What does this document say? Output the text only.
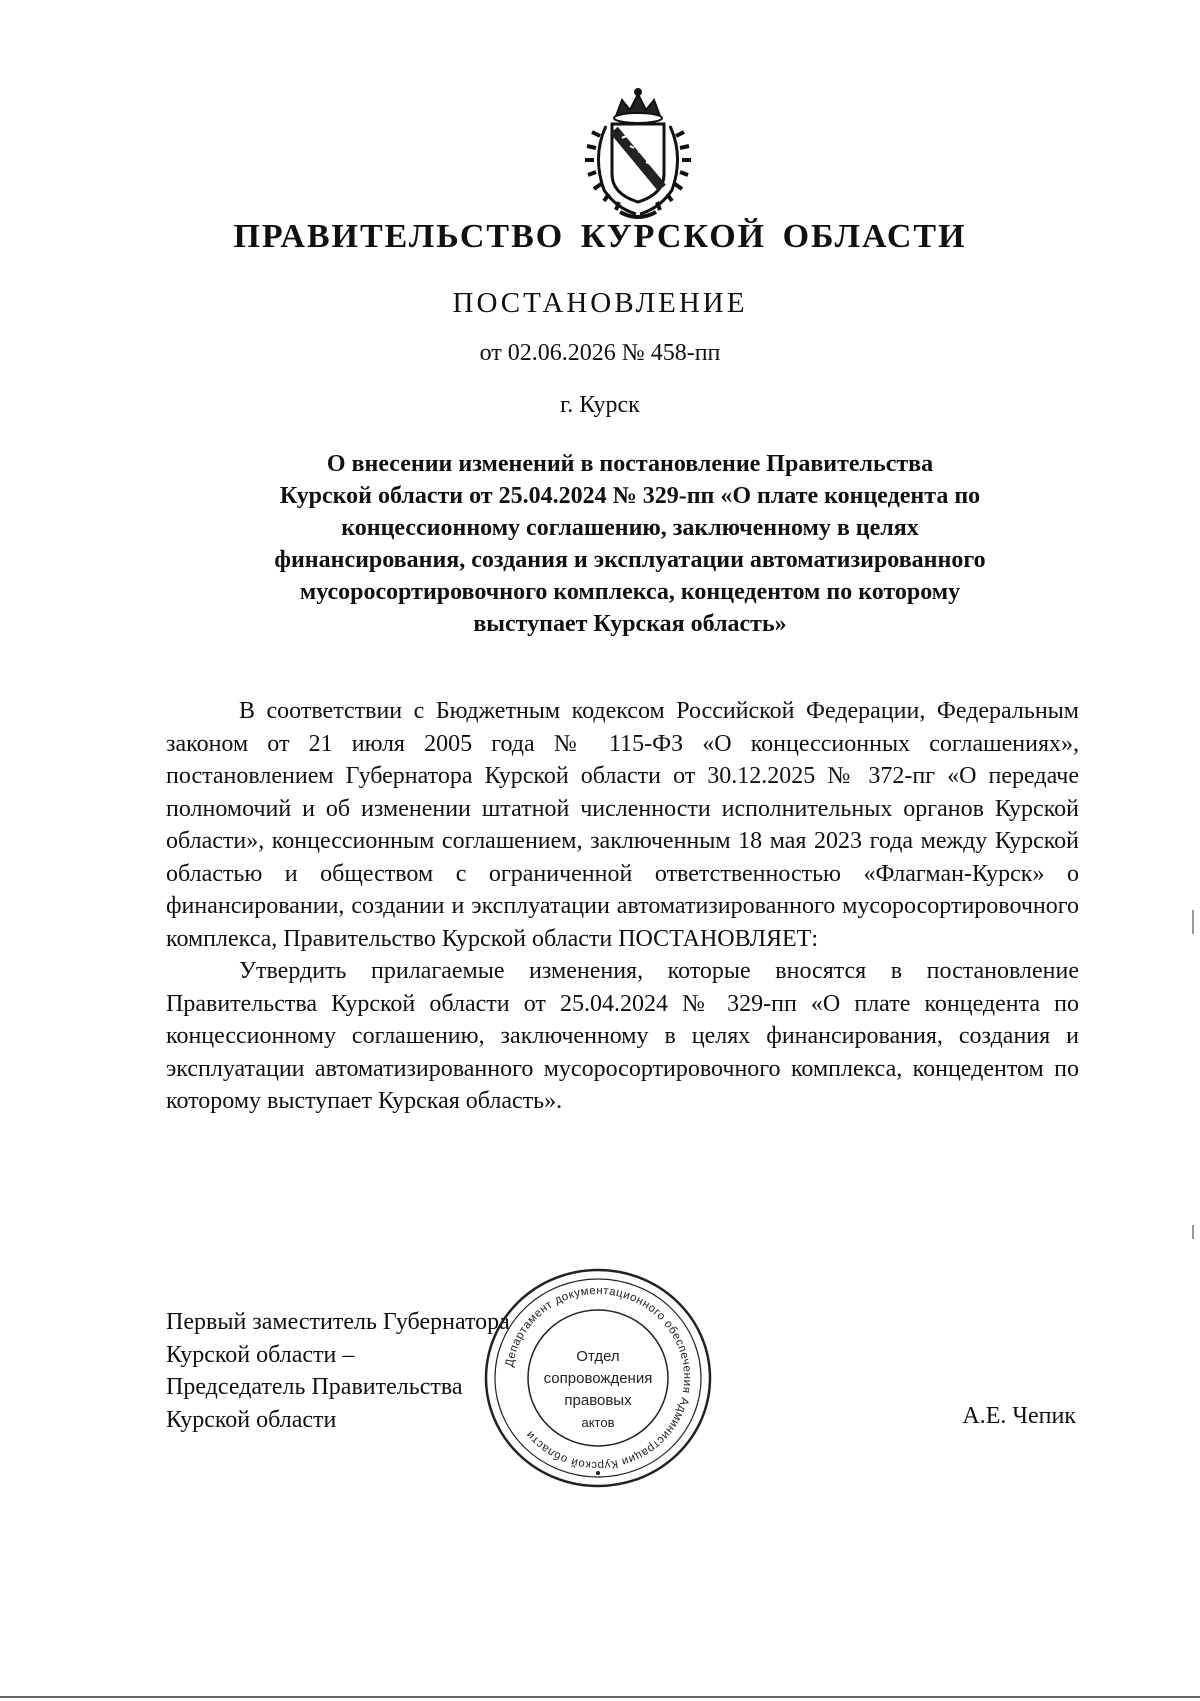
ПРАВИТЕЛЬСТВО КУРСКОЙ ОБЛАСТИ
ПОСТАНОВЛЕНИЕ
от 02.06.2026 № 458-пп
г. Курск
О внесении изменений в постановление Правительства
Курской области от 25.04.2024 № 329-пп «О плате концедента по
концессионному соглашению, заключенному в целях
финансирования, создания и эксплуатации автоматизированного
мусоросортировочного комплекса, концедентом по которому
выступает Курская область»

В соответствии с Бюджетным кодексом Российской Федерации, Федеральным законом от 21 июля 2005 года № 115-ФЗ «О концессионных соглашениях», постановлением Губернатора Курской области от 30.12.2025 № 372-пг «О передаче полномочий и об изменении штатной численности исполнительных органов Курской области», концессионным соглашением, заключенным 18 мая 2023 года между Курской областью и обществом с ограниченной ответственностью «Флагман-Курск» о финансировании, создании и эксплуатации автоматизированного мусоросортировочного комплекса, Правительство Курской области ПОСТАНОВЛЯЕТ:

Утвердить прилагаемые изменения, которые вносятся в постановление Правительства Курской области от 25.04.2024 № 329-пп «О плате концедента по концессионному соглашению, заключенному в целях финансирования, создания и эксплуатации автоматизированного мусоросортировочного комплекса, концедентом по которому выступает Курская область».

Первый заместитель Губернатора
Курской области –
Председатель Правительства
Курской области	А.Е. Чепик
Департамент документационного обеспечения Администрации Курской области
Отдел
сопровождения
правовых
актов
